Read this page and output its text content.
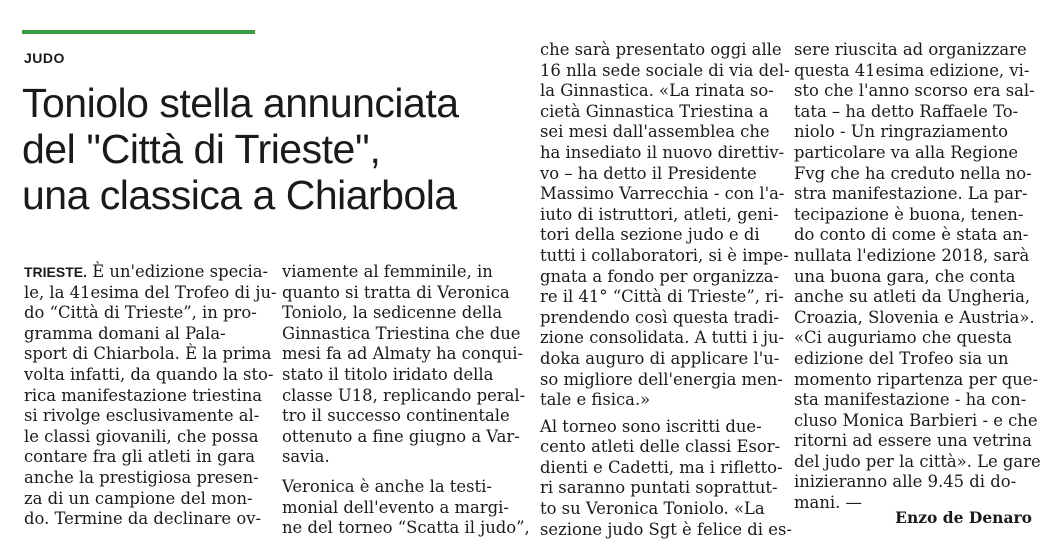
JUDO
Toniolo stella annunciata
del ''Città di Trieste'',
una classica a Chiarbola
TRIESTE. È un'edizione specia-
le, la 41esima del Trofeo di ju-
do “Città di Trieste”, in pro-
gramma domani al Pala-
sport di Chiarbola. È la prima
volta infatti, da quando la sto-
rica manifestazione triestina
si rivolge esclusivamente al-
le classi giovanili, che possa
contare fra gli atleti in gara
anche la prestigiosa presen-
za di un campione del mon-
do. Termine da declinare ov-
viamente al femminile, in
quanto si tratta di Veronica
Toniolo, la sedicenne della
Ginnastica Triestina che due
mesi fa ad Almaty ha conqui-
stato il titolo iridato della
classe U18, replicando peral-
tro il successo continentale
ottenuto a fine giugno a Var-
savia.
Veronica è anche la testi-
monial dell'evento a margi-
ne del torneo “Scatta il judo”,
che sarà presentato oggi alle
16 nlla sede sociale di via del-
la Ginnastica. «La rinata so-
cietà Ginnastica Triestina a
sei mesi dall'assemblea che
ha insediato il nuovo direttiv-
vo – ha detto il Presidente
Massimo Varrecchia - con l'a-
iuto di istruttori, atleti, geni-
tori della sezione judo e di
tutti i collaboratori, si è impe-
gnata a fondo per organizza-
re il 41° “Città di Trieste”, ri-
prendendo così questa tradi-
zione consolidata. A tutti i ju-
doka auguro di applicare l'u-
so migliore dell'energia men-
tale e fisica.»
Al torneo sono iscritti due-
cento atleti delle classi Esor-
dienti e Cadetti, ma i rifletto-
ri saranno puntati soprattut-
to su Veronica Toniolo. «La
sezione judo Sgt è felice di es-
sere riuscita ad organizzare
questa 41esima edizione, vi-
sto che l'anno scorso era sal-
tata – ha detto Raffaele To-
niolo - Un ringraziamento
particolare va alla Regione
Fvg che ha creduto nella no-
stra manifestazione. La par-
tecipazione è buona, tenen-
do conto di come è stata an-
nullata l'edizione 2018, sarà
una buona gara, che conta
anche su atleti da Ungheria,
Croazia, Slovenia e Austria».
«Ci auguriamo che questa
edizione del Trofeo sia un
momento ripartenza per que-
sta manifestazione - ha con-
cluso Monica Barbieri - e che
ritorni ad essere una vetrina
del judo per la città». Le gare
inizieranno alle 9.45 di do-
mani. —
Enzo de Denaro
